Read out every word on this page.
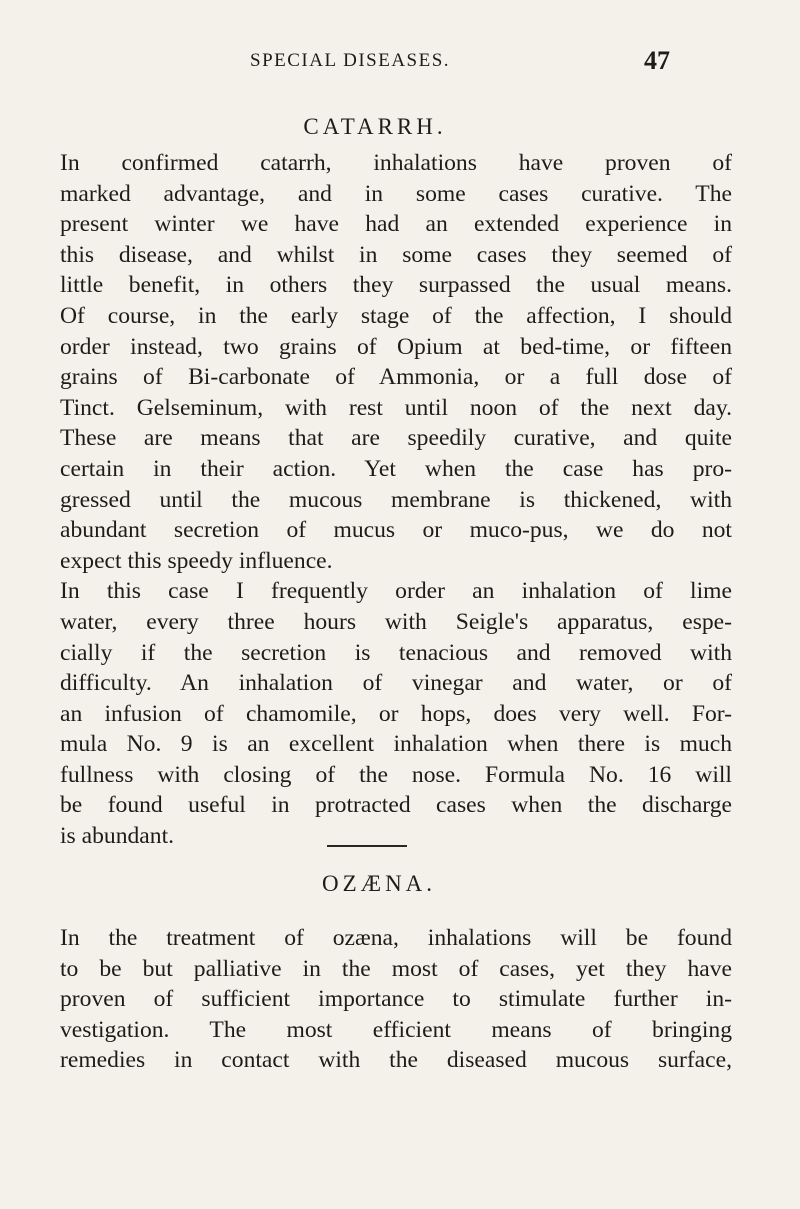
SPECIAL DISEASES.	47
CATARRH.
In confirmed catarrh, inhalations have proven of
marked advantage, and in some cases curative. The
present winter we have had an extended experience in
this disease, and whilst in some cases they seemed of
little benefit, in others they surpassed the usual means.
Of course, in the early stage of the affection, I should
order instead, two grains of Opium at bed-time, or fifteen
grains of Bi-carbonate of Ammonia, or a full dose of
Tinct. Gelseminum, with rest until noon of the next day.
These are means that are speedily curative, and quite
certain in their action. Yet when the case has pro-
gressed until the mucous membrane is thickened, with
abundant secretion of mucus or muco-pus, we do not
expect this speedy influence.
In this case I frequently order an inhalation of lime
water, every three hours with Seigle's apparatus, espe-
cially if the secretion is tenacious and removed with
difficulty. An inhalation of vinegar and water, or of
an infusion of chamomile, or hops, does very well. For-
mula No. 9 is an excellent inhalation when there is much
fullness with closing of the nose. Formula No. 16 will
be found useful in protracted cases when the discharge
is abundant.
OZÆNA.
In the treatment of ozæna, inhalations will be found
to be but palliative in the most of cases, yet they have
proven of sufficient importance to stimulate further in-
vestigation. The most efficient means of bringing
remedies in contact with the diseased mucous surface,
